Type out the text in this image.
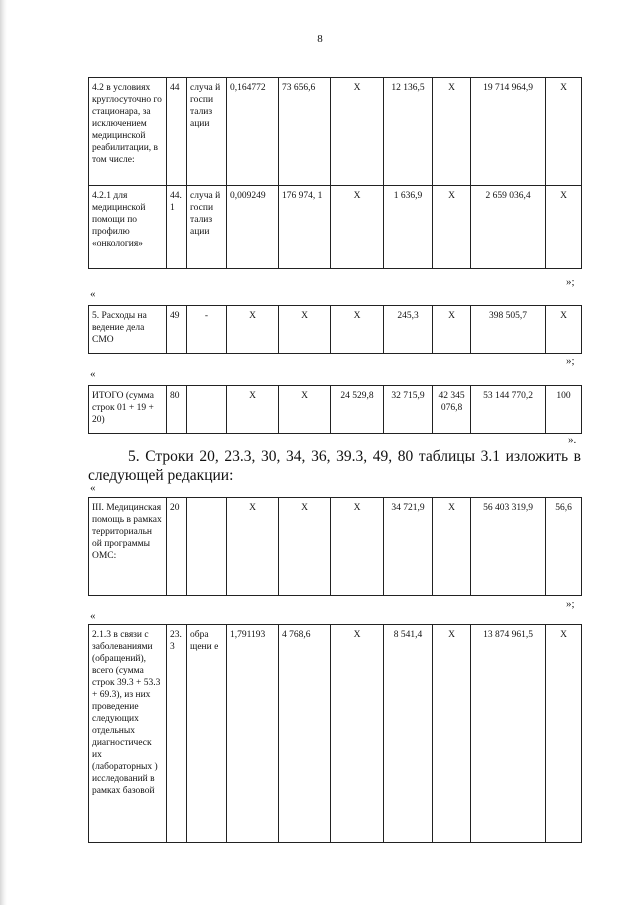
8
4.2 в условиях круглосуточно го стационара, за исключением медицинской реабилитации, в том числе:	44	случа й госпи тализ ации	0,164772	73 656,6	Х	12 136,5	Х	19 714 964,9	Х
4.2.1 для медицинской помощи по профилю «онкология»	44. 1	случа й госпи тализ ации	0,009249	176 974, 1	Х	1 636,9	Х	2 659 036,4	Х
»;
«
5. Расходы на ведение дела СМО	49	-	Х	Х	Х	245,3	Х	398 505,7	Х
»;
«
ИТОГО (сумма строк 01 + 19 + 20)	80		Х	Х	24 529,8	32 715,9	42 345 076,8	53 144 770,2	100
».
5. Строки 20, 23.3, 30, 34, 36, 39.3, 49, 80 таблицы 3.1 изложить в следующей редакции:
«
III. Медицинская помощь в рамках территориальн ой программы ОМС:	20		Х	Х	Х	34 721,9	Х	56 403 319,9	56,6
»;
«
2.1.3 в связи с заболеваниями (обращений), всего (сумма строк 39.3 + 53.3 + 69.3), из них проведение следующих отдельных диагностическ их (лабораторных ) исследований в рамках базовой	23. 3	обра щени е	1,791193	4 768,6	Х	8 541,4	Х	13 874 961,5	Х
